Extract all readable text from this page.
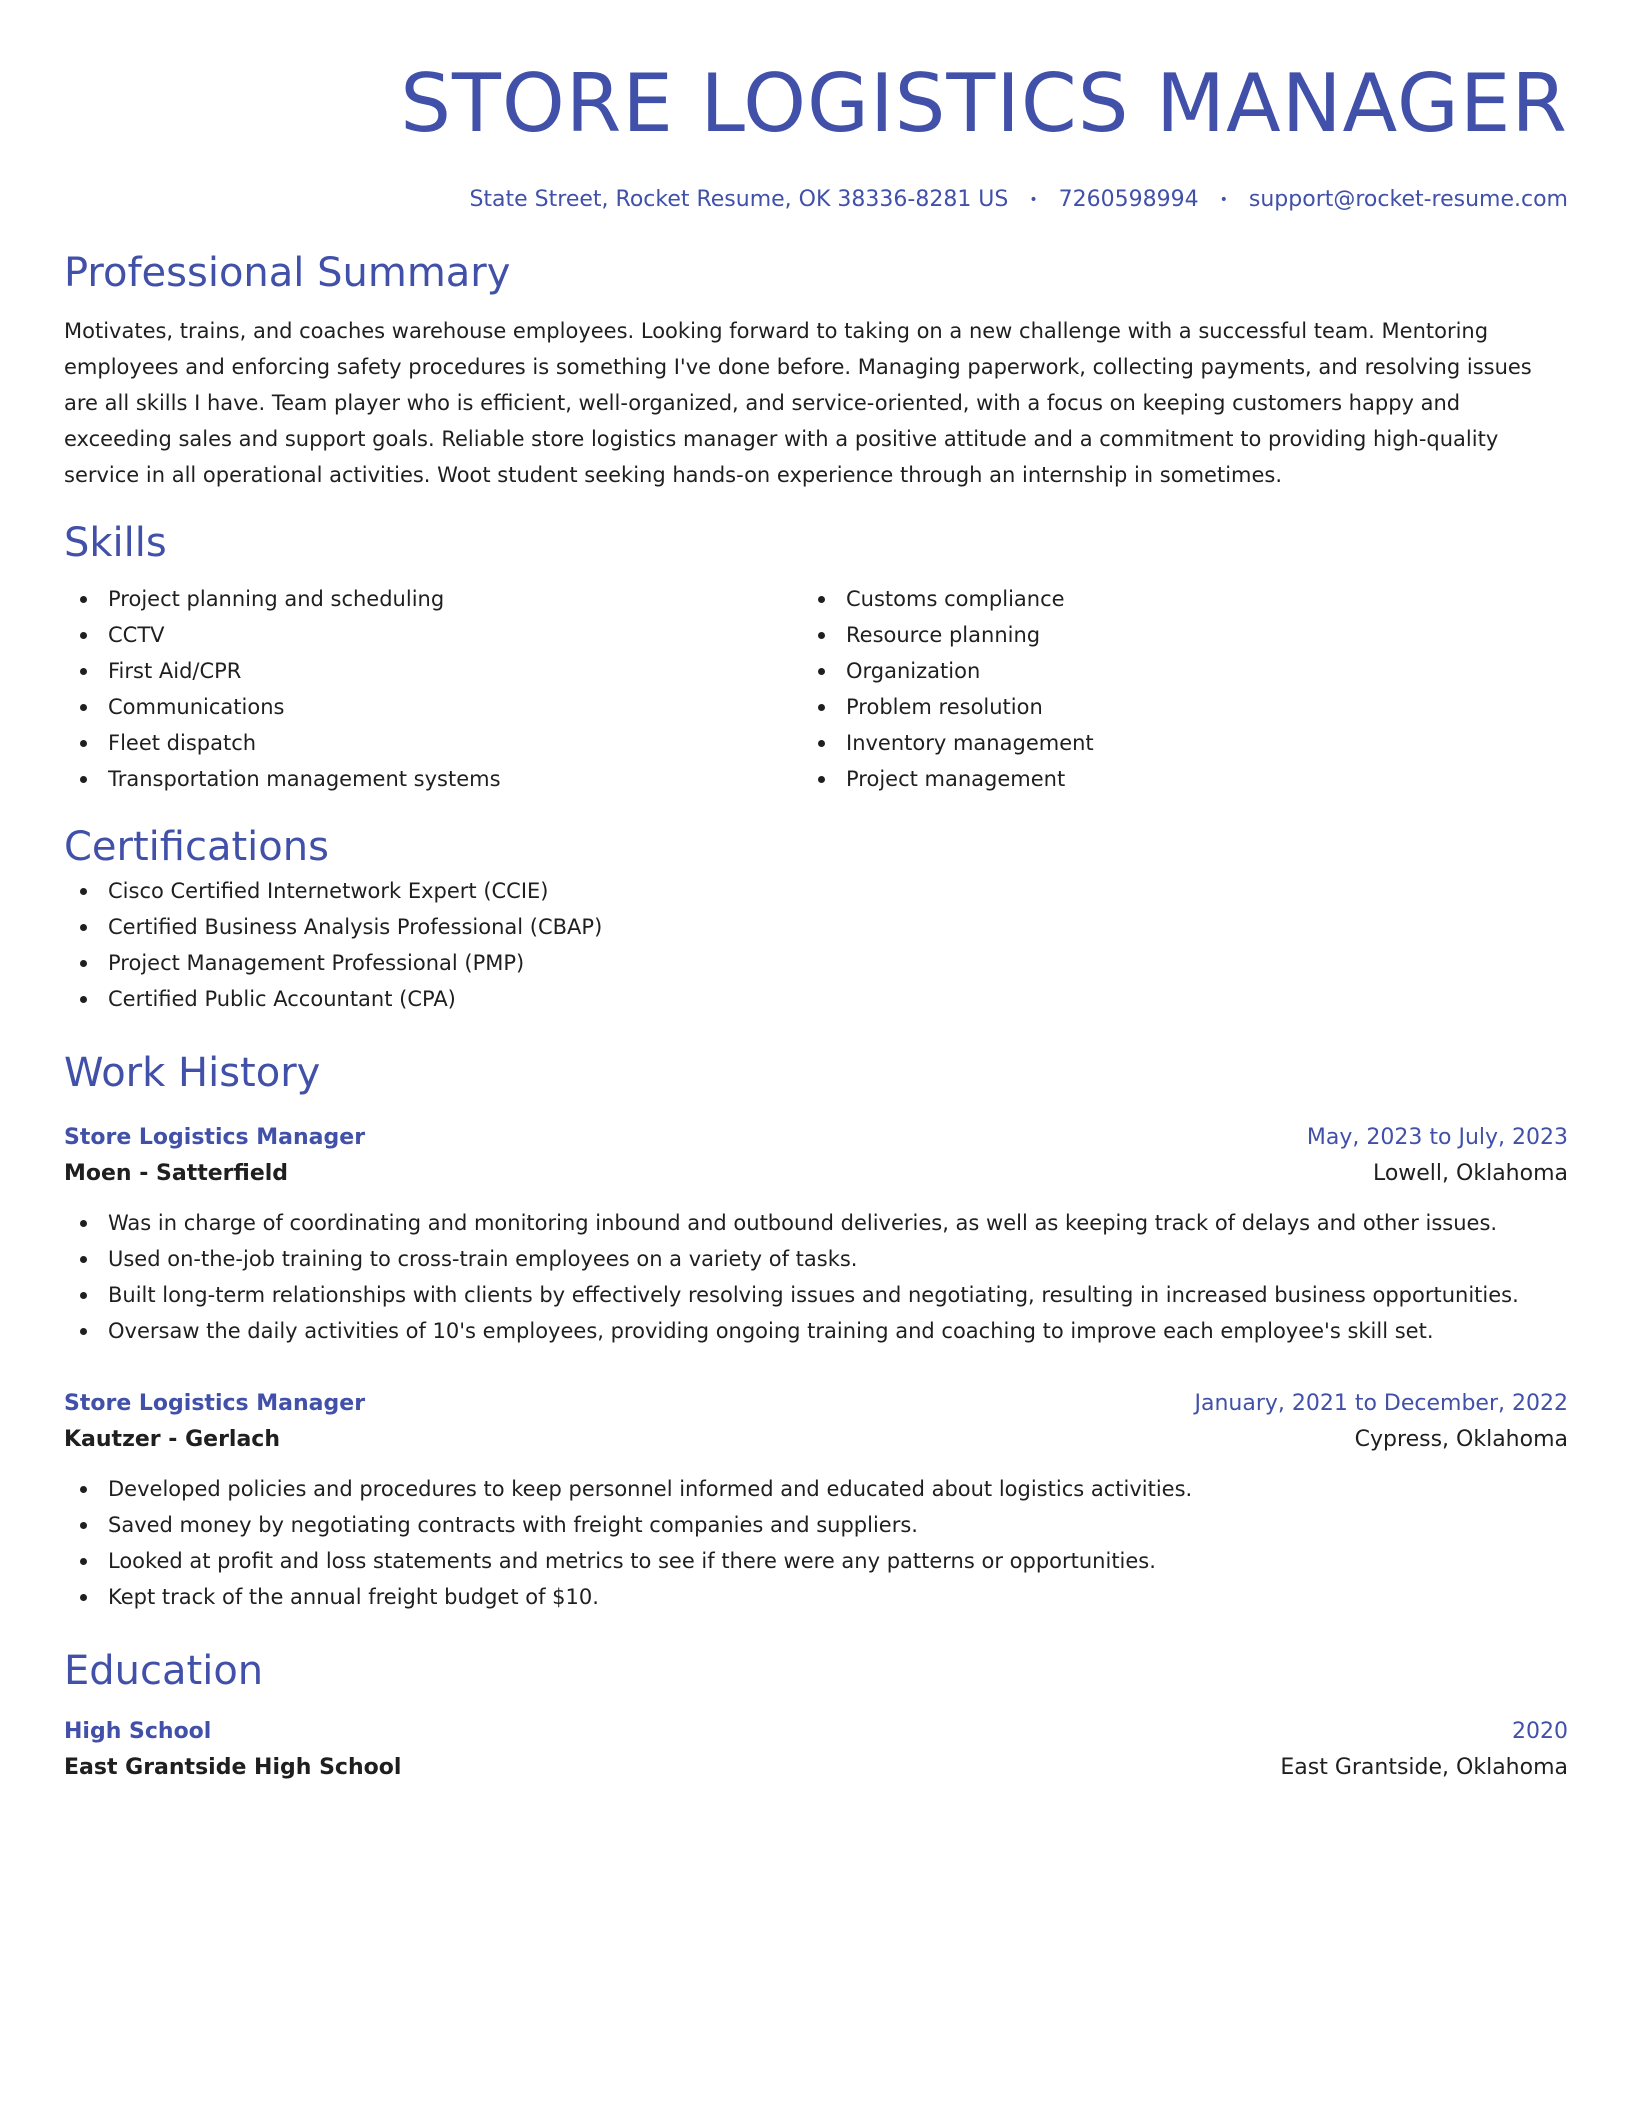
STORE LOGISTICS MANAGER
State Street, Rocket Resume, OK 38336-8281 US • 7260598994 • support@rocket-resume.com
Professional Summary
Motivates, trains, and coaches warehouse employees. Looking forward to taking on a new challenge with a successful team. Mentoring employees and enforcing safety procedures is something I've done before. Managing paperwork, collecting payments, and resolving issues are all skills I have. Team player who is efficient, well-organized, and service-oriented, with a focus on keeping customers happy and exceeding sales and support goals. Reliable store logistics manager with a positive attitude and a commitment to providing high-quality service in all operational activities. Woot student seeking hands-on experience through an internship in sometimes.
Skills
Project planning and scheduling
CCTV
First Aid/CPR
Communications
Fleet dispatch
Transportation management systems
Customs compliance
Resource planning
Organization
Problem resolution
Inventory management
Project management
Certifications
Cisco Certified Internetwork Expert (CCIE)
Certified Business Analysis Professional (CBAP)
Project Management Professional (PMP)
Certified Public Accountant (CPA)
Work History
Store Logistics Manager	May, 2023 to July, 2023
Moen - Satterfield	Lowell, Oklahoma
Was in charge of coordinating and monitoring inbound and outbound deliveries, as well as keeping track of delays and other issues.
Used on-the-job training to cross-train employees on a variety of tasks.
Built long-term relationships with clients by effectively resolving issues and negotiating, resulting in increased business opportunities.
Oversaw the daily activities of 10's employees, providing ongoing training and coaching to improve each employee's skill set.
Store Logistics Manager	January, 2021 to December, 2022
Kautzer - Gerlach	Cypress, Oklahoma
Developed policies and procedures to keep personnel informed and educated about logistics activities.
Saved money by negotiating contracts with freight companies and suppliers.
Looked at profit and loss statements and metrics to see if there were any patterns or opportunities.
Kept track of the annual freight budget of $10.
Education
High School	2020
East Grantside High School	East Grantside, Oklahoma
